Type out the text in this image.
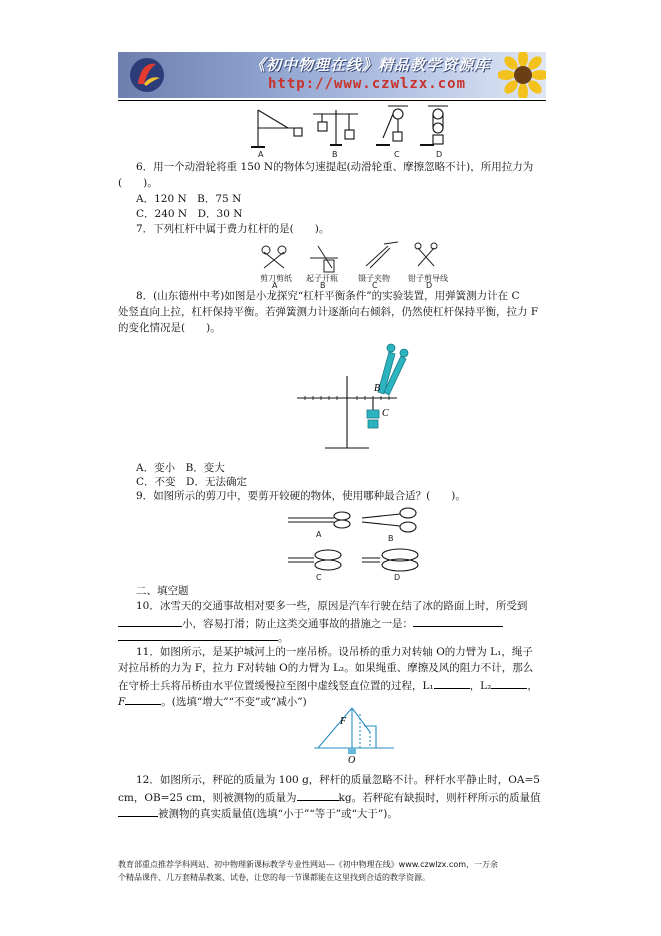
《初中物理在线》精品教学资源库
http://www.czwlzx.com
A	B	C	D
6．用一个动滑轮将重 150 N的物体匀速提起(动滑轮重、摩擦忽略不计)，所用拉力为
(　　)。
A．120 N　B．75 N
C．240 N　D．30 N
7．下列杠杆中属于费力杠杆的是(　　)。
剪刀剪纸 起子开瓶	镊子夹物 钳子剪导线
A	B	C	D
8．(山东德州中考)如图是小龙探究“杠杆平衡条件”的实验装置，用弹簧测力计在 C
处竖直向上拉，杠杆保持平衡。若弹簧测力计逐渐向右倾斜，仍然使杠杆保持平衡，拉力 F
的变化情况是(　　)。
B
C
A．变小　B．变大
C．不变　D．无法确定
9．如图所示的剪刀中，要剪开较硬的物体，使用哪种最合适？(　　)。
A	B
C	D
二、填空题
10．冰雪天的交通事故相对要多一些，原因是汽车行驶在结了冰的路面上时，所受到
小，容易打滑；防止这类交通事故的措施之一是：
。
11．如图所示，是某护城河上的一座吊桥。设吊桥的重力对转轴 O的力臂为 L₁，绳子
对拉吊桥的力为 F，拉力 F对转轴 O的力臂为 L₂。如果绳重、摩擦及风的阻力不计，那么
在守桥士兵将吊桥由水平位置缓慢拉至图中虚线竖直位置的过程，L₁	，L₂	，
F	。(选填“增大”“不变”或“减小”)
F
O
12．如图所示，秤砣的质量为 100 g，秤杆的质量忽略不计。秤杆水平静止时，OA=5
cm，OB=25 cm，则被测物的质量为	kg。若秤砣有缺损时，则杆秤所示的质量值
被测物的真实质量值(选填“小于”“等于”或“大于”)。
教育部重点推荐学科网站、初中物理新课标教学专业性网站---《初中物理在线》www.czwlzx.com，一万余
个精品课件、几万套精品教案、试卷，让您的每一节课都能在这里找到合适的教学资源。
